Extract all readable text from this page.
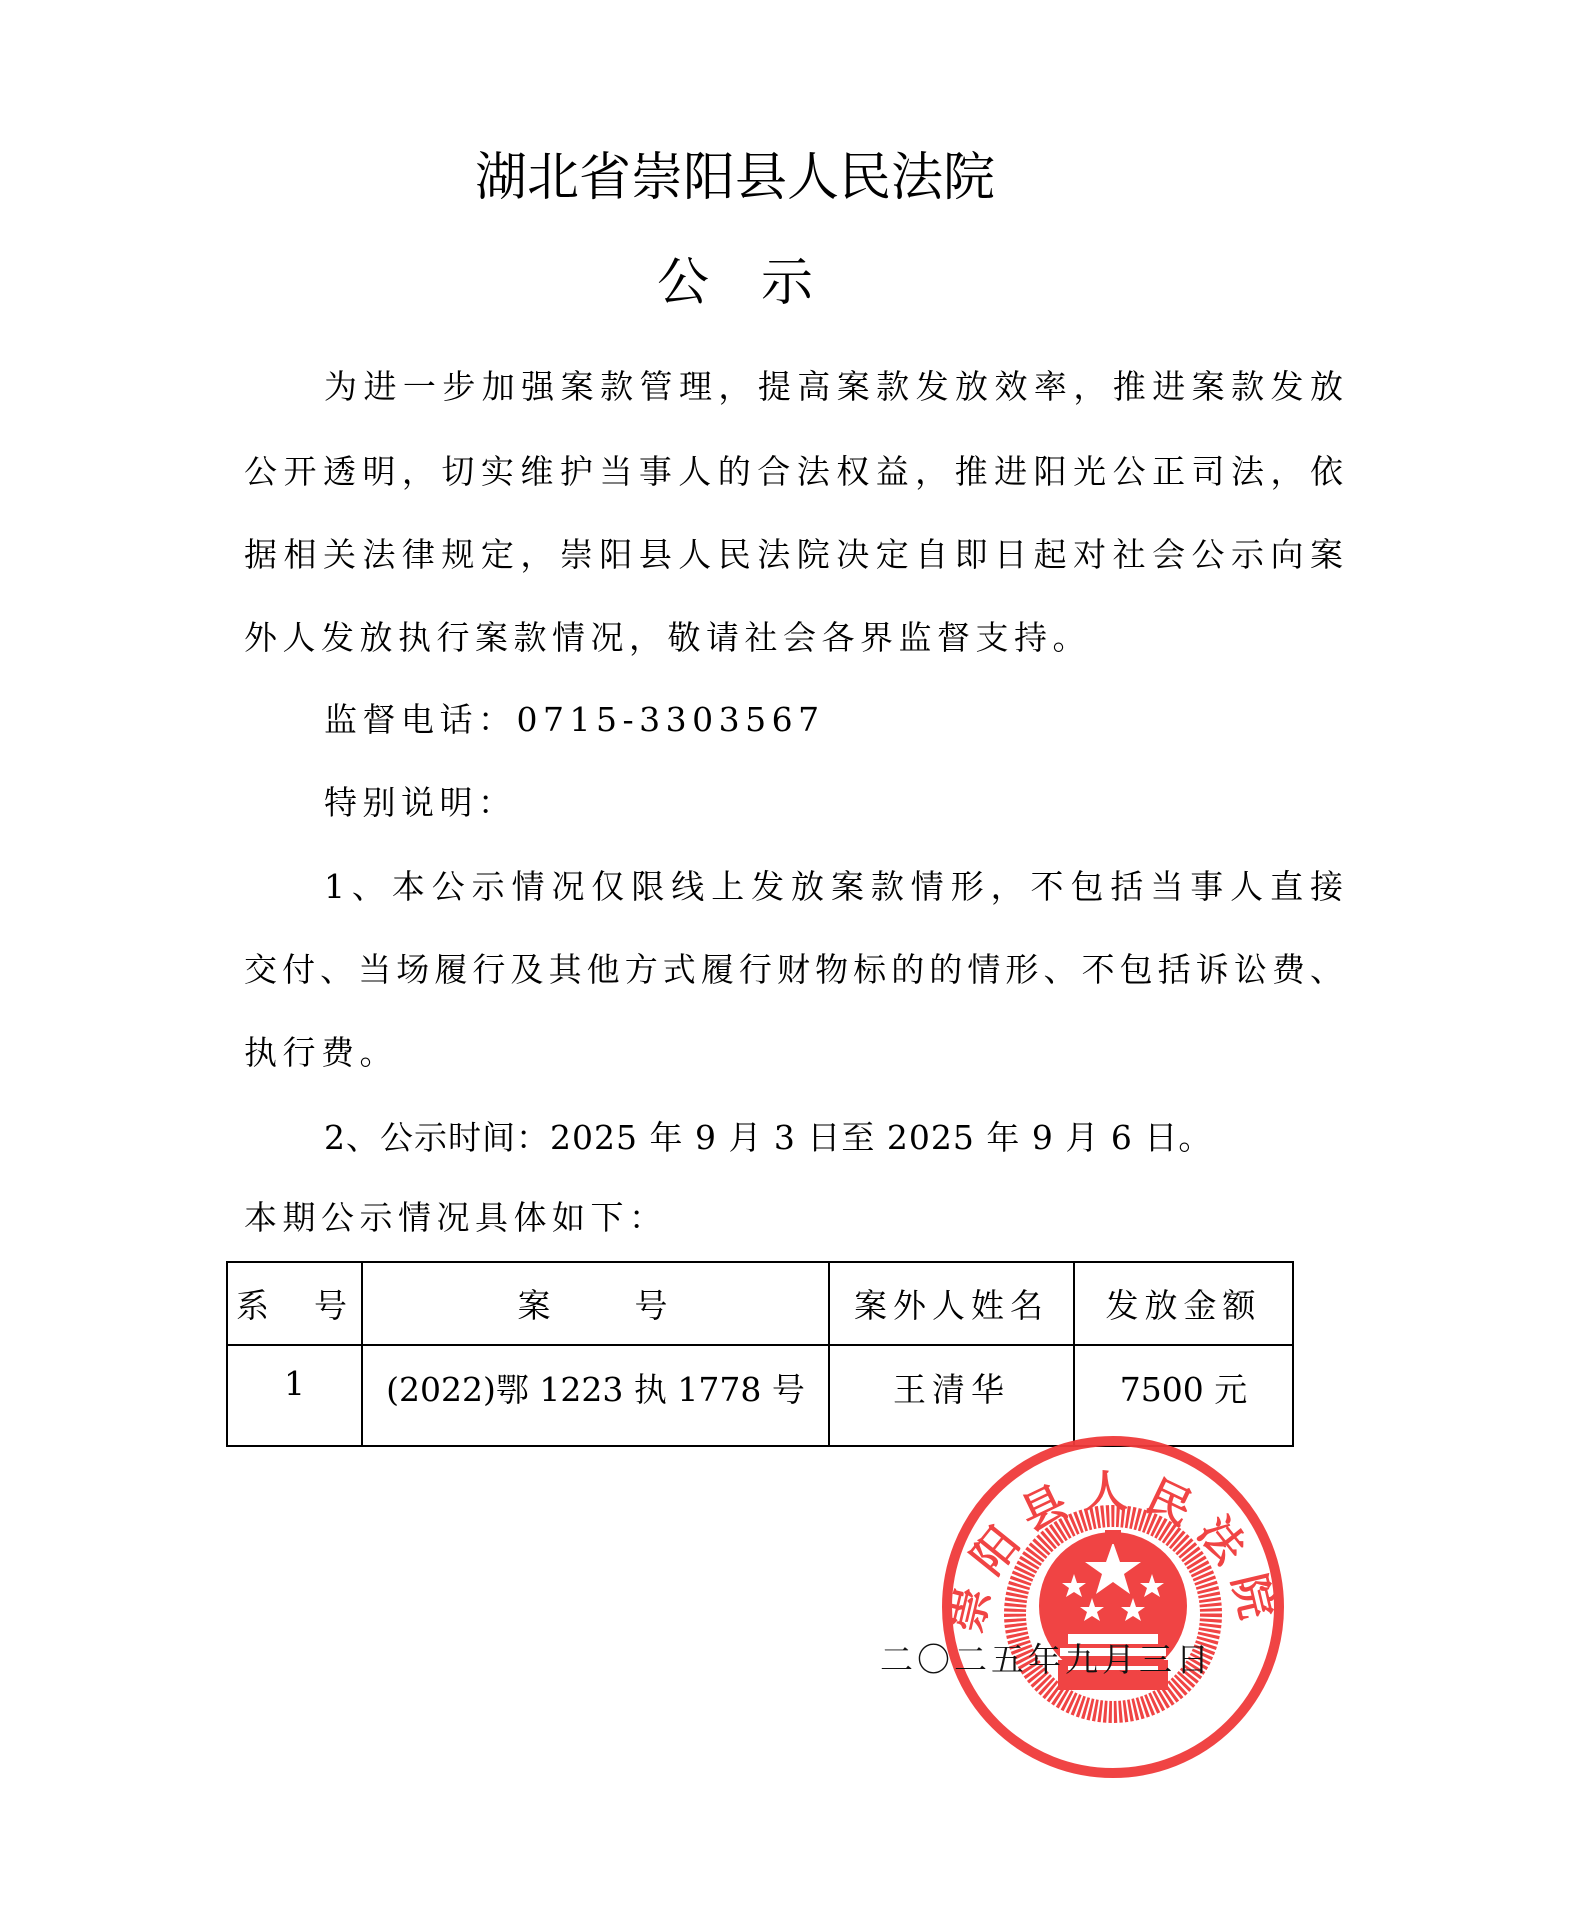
湖北省崇阳县人民法院
公　示
为进一步加强案款管理，提高案款发放效率，推进案款发放
公开透明，切实维护当事人的合法权益，推进阳光公正司法，依
据相关法律规定，崇阳县人民法院决定自即日起对社会公示向案
外人发放执行案款情况，敬请社会各界监督支持。
监督电话：0715-3303567
特别说明：
1、本公示情况仅限线上发放案款情形，不包括当事人直接
交付、当场履行及其他方式履行财物标的的情形、不包括诉讼费、
执行费。
2、公示时间：2025 年 9 月 3 日至 2025 年 9 月 6 日。
本期公示情况具体如下：
系　号	案　　号	案外人姓名	发放金额
1	(2022)鄂 1223 执 1778 号	王清华	7500 元
崇阳县人民法院
二〇二五年九月三日
